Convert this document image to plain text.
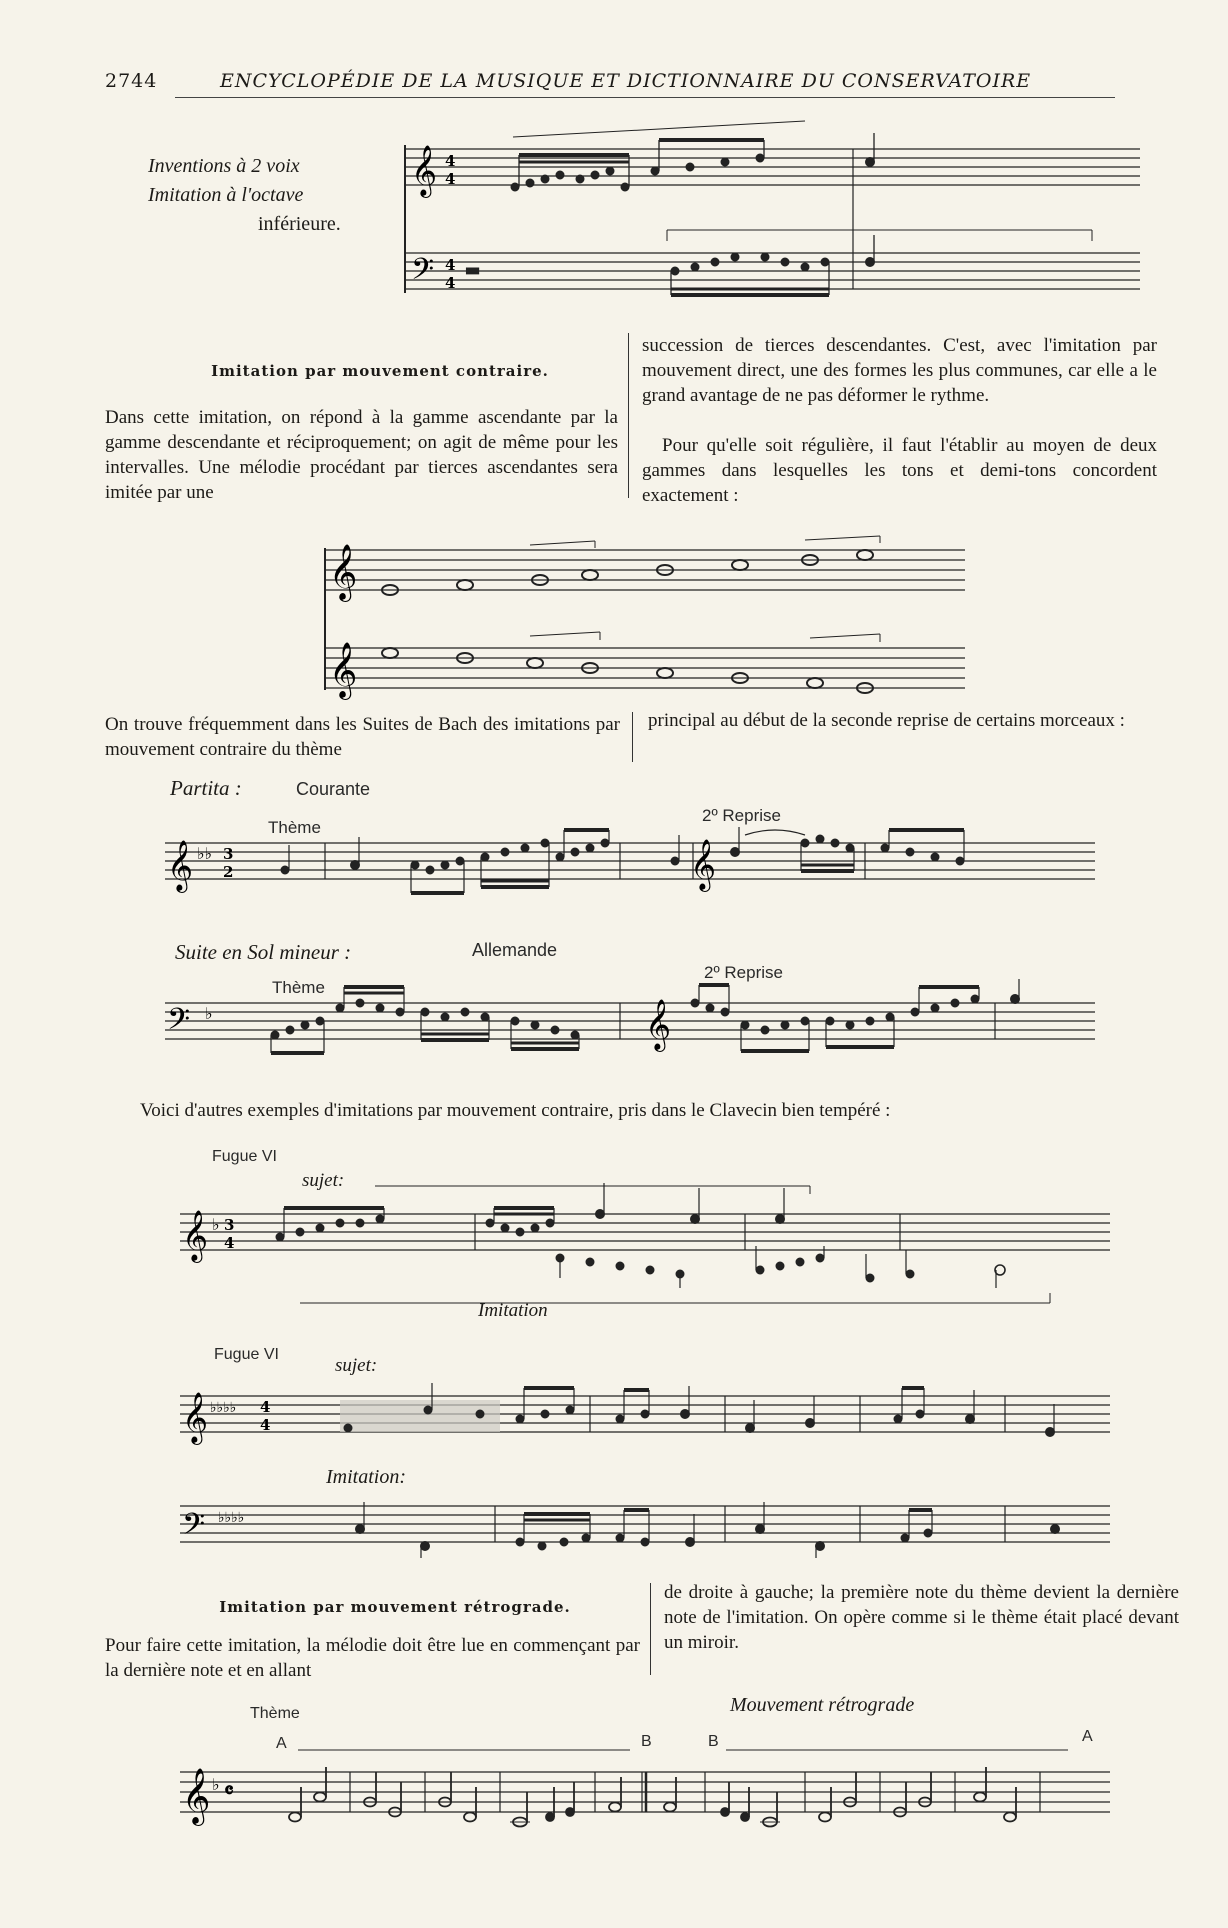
2744	ENCYCLOPÉDIE DE LA MUSIQUE ET DICTIONNAIRE DU CONSERVATOIRE
Inventions à 2 voix
Imitation à l'octave
inférieure.
𝄞
𝄢
4
4
4
4
▬
Imitation par mouvement contraire.
Dans cette imitation, on répond à la gamme ascendante par la gamme descendante et réciproquement; on agit de même pour les intervalles. Une mélodie procédant par tierces ascendantes sera imitée par une
succession de tierces descendantes. C'est, avec l'imitation par mouvement direct, une des formes les plus communes, car elle a le grand avantage de ne pas déformer le rythme.
Pour qu'elle soit régulière, il faut l'établir au moyen de deux gammes dans lesquelles les tons et demi-tons concordent exactement :
𝄞
𝄞
On trouve fréquemment dans les Suites de Bach des imitations par mouvement contraire du thème
principal au début de la seconde reprise de certains morceaux :
Partita :	Courante
Thème
2º Reprise
𝄞 ♭♭ 3
2	𝄞
Suite en Sol mineur :	Allemande
Thème
2º Reprise
𝄢 ♭	𝄞
Voici d'autres exemples d'imitations par mouvement contraire, pris dans le Clavecin bien tempéré :
Fugue VI
sujet:
Imitation
𝄞 ♭ 3
4
Fugue VI
sujet:
Imitation:
𝄞 ♭♭♭♭ 4
4
𝄢 ♭♭♭♭
Imitation par mouvement rétrograde.
Pour faire cette imitation, la mélodie doit être lue en commençant par la dernière note et en allant
de droite à gauche; la première note du thème devient la dernière note de l'imitation. On opère comme si le thème était placé devant un miroir.
Thème	Mouvement rétrograde
A	B	B	A
𝄞 ♭ 𝄴
